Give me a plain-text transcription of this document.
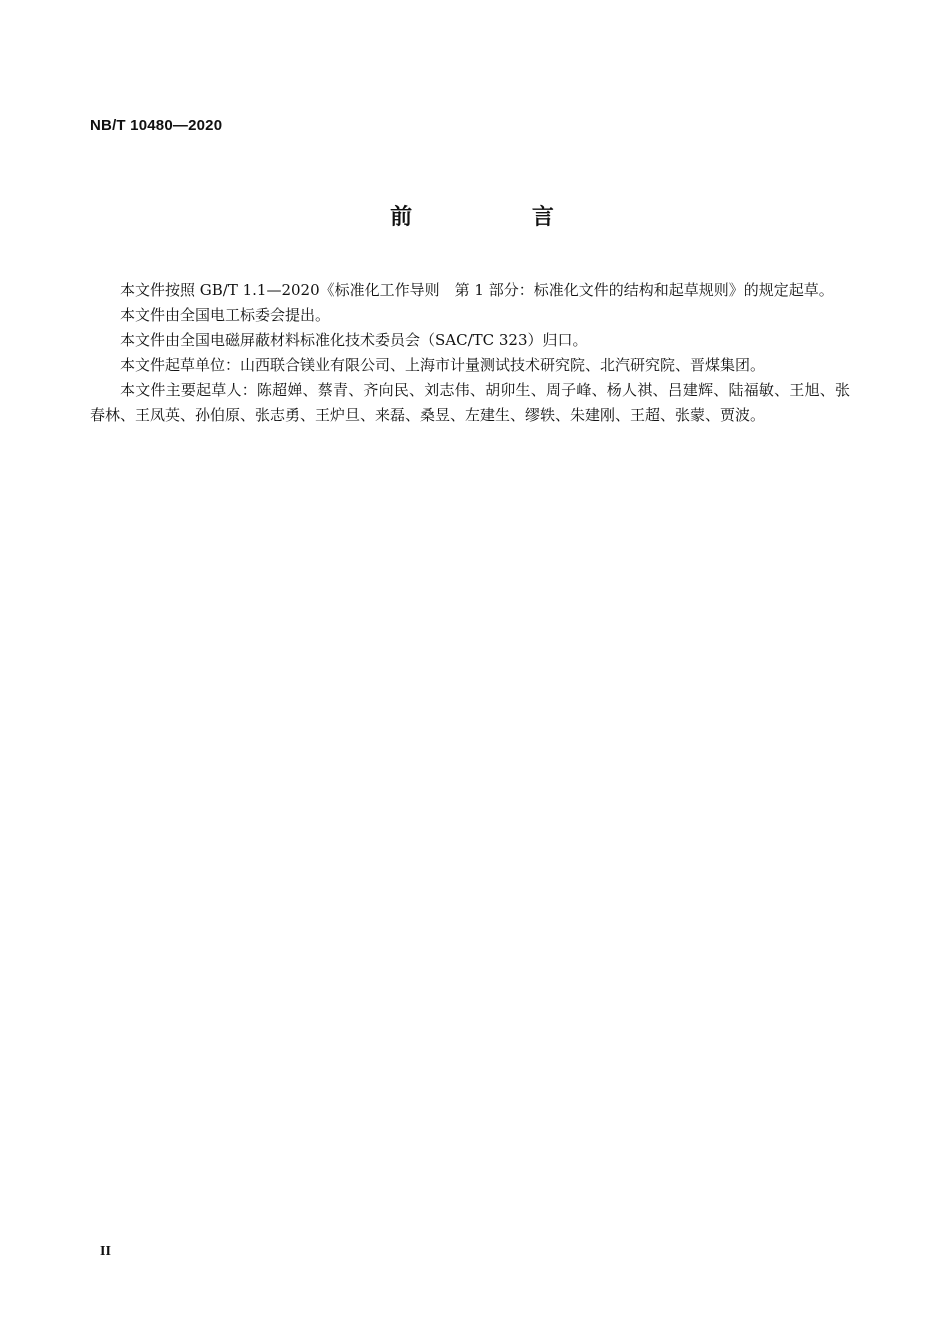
NB/T 10480—2020
前 言

本文件按照 GB/T 1.1—2020《标准化工作导则　第 1 部分：标准化文件的结构和起草规则》的规定起草。

本文件由全国电工标委会提出。

本文件由全国电磁屏蔽材料标准化技术委员会（SAC/TC 323）归口。

本文件起草单位：山西联合镁业有限公司、上海市计量测试技术研究院、北汽研究院、晋煤集团。

本文件主要起草人：陈超婵、蔡青、齐向民、刘志伟、胡卯生、周子峰、杨人祺、吕建辉、陆福敏、王旭、张春林、王凤英、孙伯原、张志勇、王炉旦、来磊、桑昱、左建生、缪轶、朱建刚、王超、张蒙、贾波。

II
